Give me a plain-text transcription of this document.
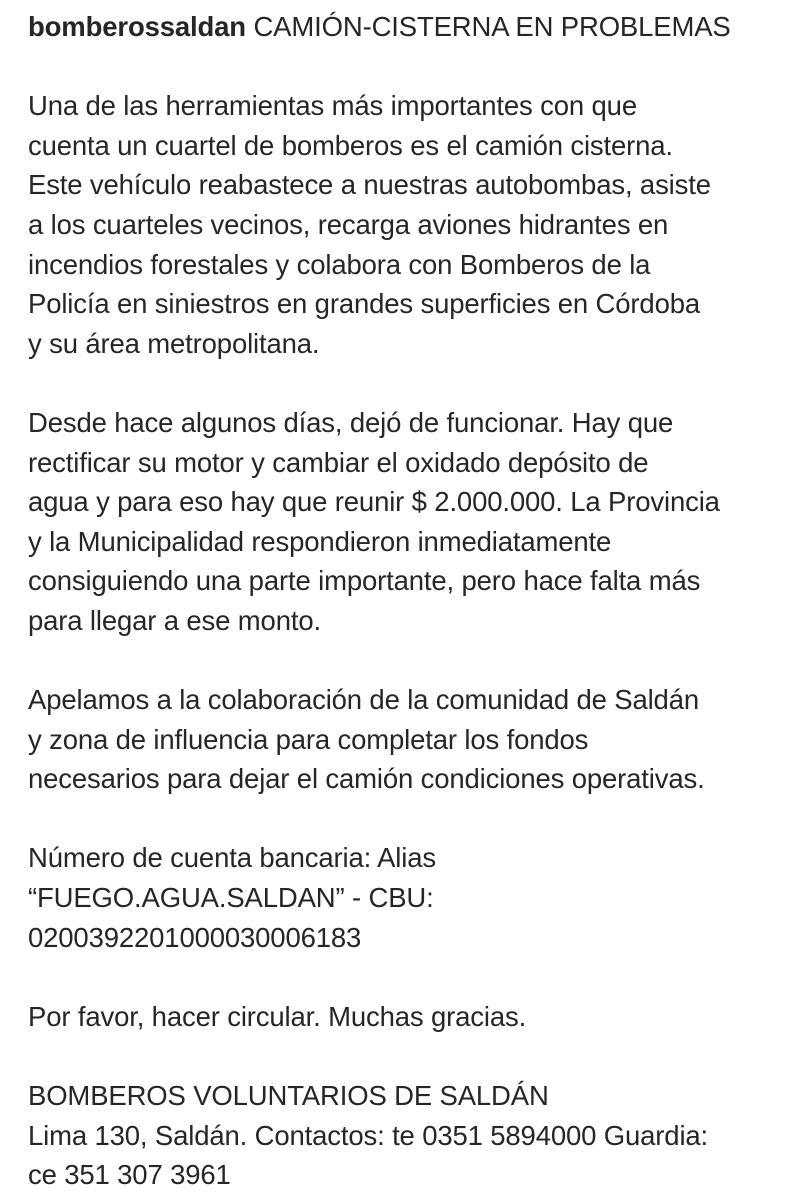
bomberossaldan CAMIÓN-CISTERNA EN PROBLEMAS

Una de las herramientas más importantes con que
cuenta un cuartel de bomberos es el camión cisterna.
Este vehículo reabastece a nuestras autobombas, asiste
a los cuarteles vecinos, recarga aviones hidrantes en
incendios forestales y colabora con Bomberos de la
Policía en siniestros en grandes superficies en Córdoba
y su área metropolitana.

Desde hace algunos días, dejó de funcionar. Hay que
rectificar su motor y cambiar el oxidado depósito de
agua y para eso hay que reunir $ 2.000.000. La Provincia
y la Municipalidad respondieron inmediatamente
consiguiendo una parte importante, pero hace falta más
para llegar a ese monto.

Apelamos a la colaboración de la comunidad de Saldán
y zona de influencia para completar los fondos
necesarios para dejar el camión condiciones operativas.

Número de cuenta bancaria: Alias
“FUEGO.AGUA.SALDAN” - CBU:
0200392201000030006183

Por favor, hacer circular. Muchas gracias.

BOMBEROS VOLUNTARIOS DE SALDÁN
Lima 130, Saldán. Contactos: te 0351 5894000 Guardia:
ce 351 307 3961
